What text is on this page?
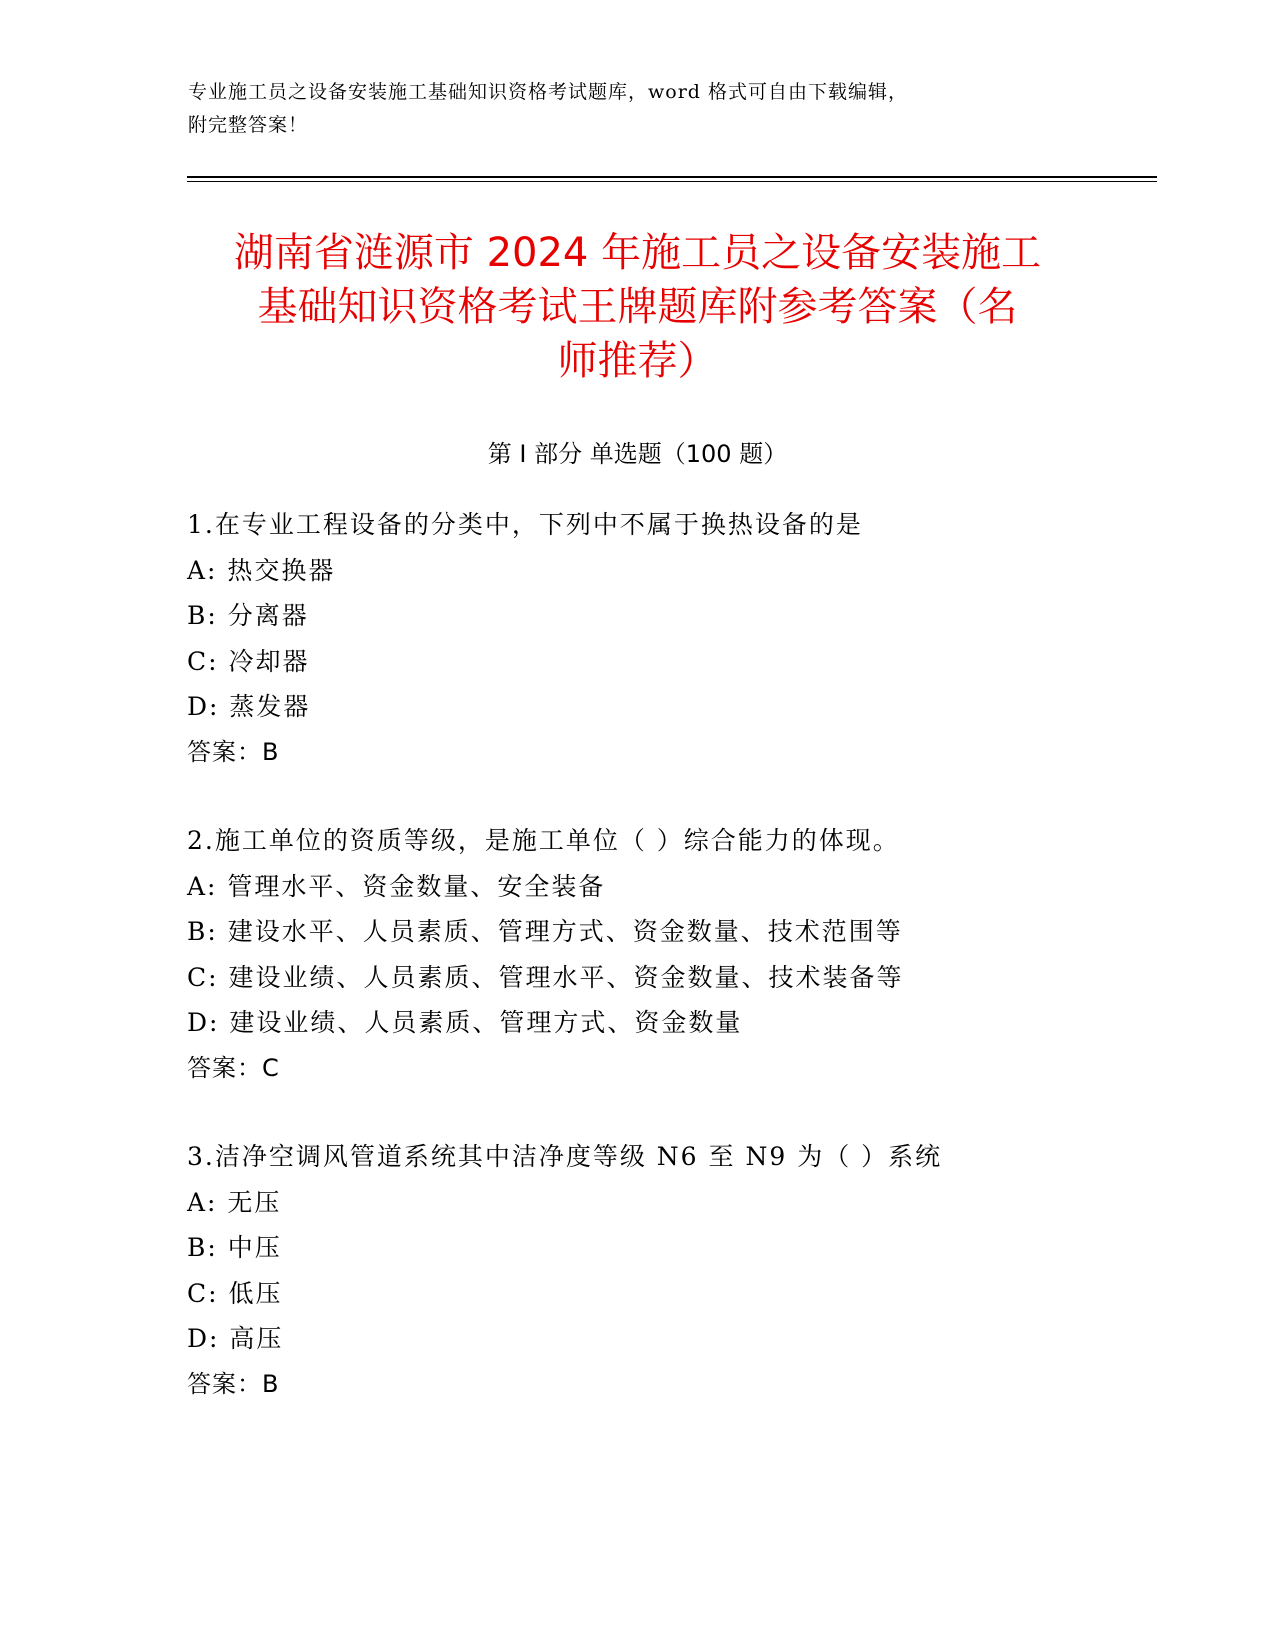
专业施工员之设备安装施工基础知识资格考试题库，word 格式可自由下载编辑，
附完整答案！
湖南省涟源市 2024 年施工员之设备安装施工
基础知识资格考试王牌题库附参考答案（名
师推荐）
第 I 部分 单选题（100 题）
1.在专业工程设备的分类中，下列中不属于换热设备的是
A: 热交换器
B: 分离器
C: 冷却器
D: 蒸发器
答案：B
2.施工单位的资质等级，是施工单位（ ）综合能力的体现。
A: 管理水平、资金数量、安全装备
B: 建设水平、人员素质、管理方式、资金数量、技术范围等
C: 建设业绩、人员素质、管理水平、资金数量、技术装备等
D: 建设业绩、人员素质、管理方式、资金数量
答案：C
3.洁净空调风管道系统其中洁净度等级 N6 至 N9 为（ ）系统
A: 无压
B: 中压
C: 低压
D: 高压
答案：B
